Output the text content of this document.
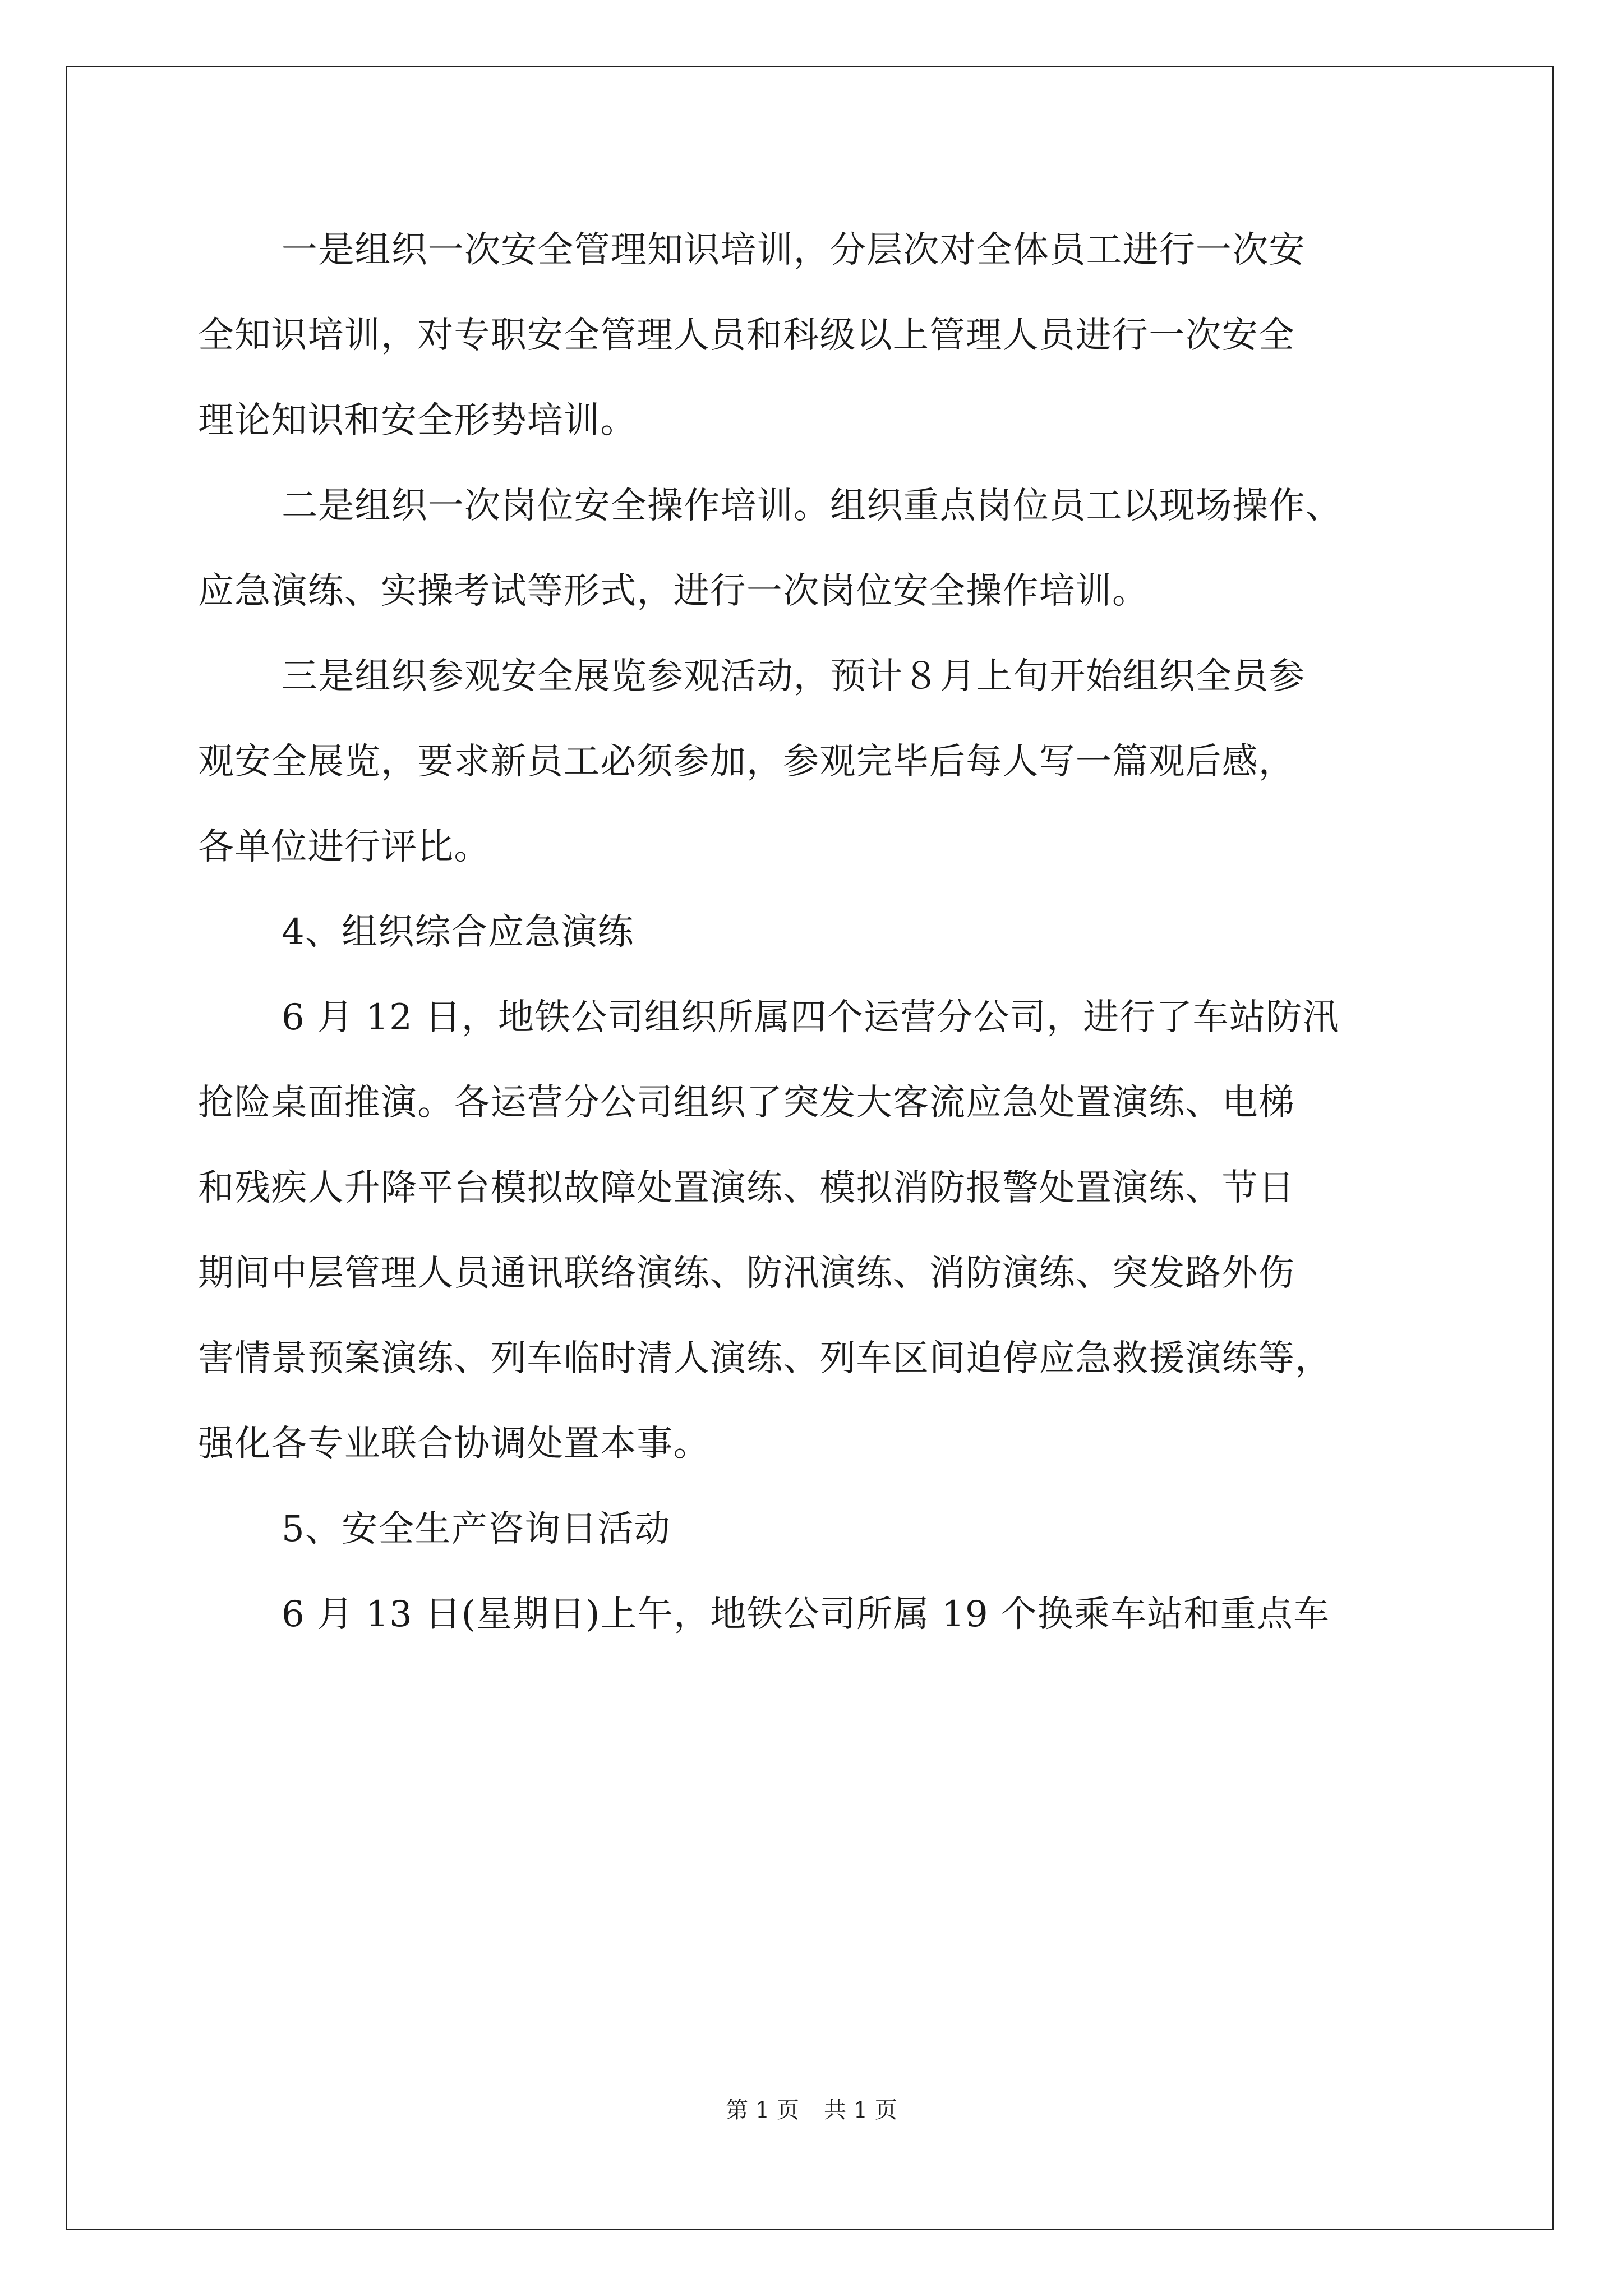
一是组织一次安全管理知识培训，分层次对全体员工进行一次安
全知识培训，对专职安全管理人员和科级以上管理人员进行一次安全
理论知识和安全形势培训。
二是组织一次岗位安全操作培训。组织重点岗位员工以现场操作、
应急演练、实操考试等形式，进行一次岗位安全操作培训。
三是组织参观安全展览参观活动，预计８月上旬开始组织全员参
观安全展览，要求新员工必须参加，参观完毕后每人写一篇观后感，
各单位进行评比。
4、组织综合应急演练
6 月 12 日，地铁公司组织所属四个运营分公司，进行了车站防汛
抢险桌面推演。各运营分公司组织了突发大客流应急处置演练、电梯
和残疾人升降平台模拟故障处置演练、模拟消防报警处置演练、节日
期间中层管理人员通讯联络演练、防汛演练、消防演练、突发路外伤
害情景预案演练、列车临时清人演练、列车区间迫停应急救援演练等，
强化各专业联合协调处置本事。
5、安全生产咨询日活动
6 月 13 日(星期日)上午，地铁公司所属 19 个换乘车站和重点车
第 1 页 共 1 页
